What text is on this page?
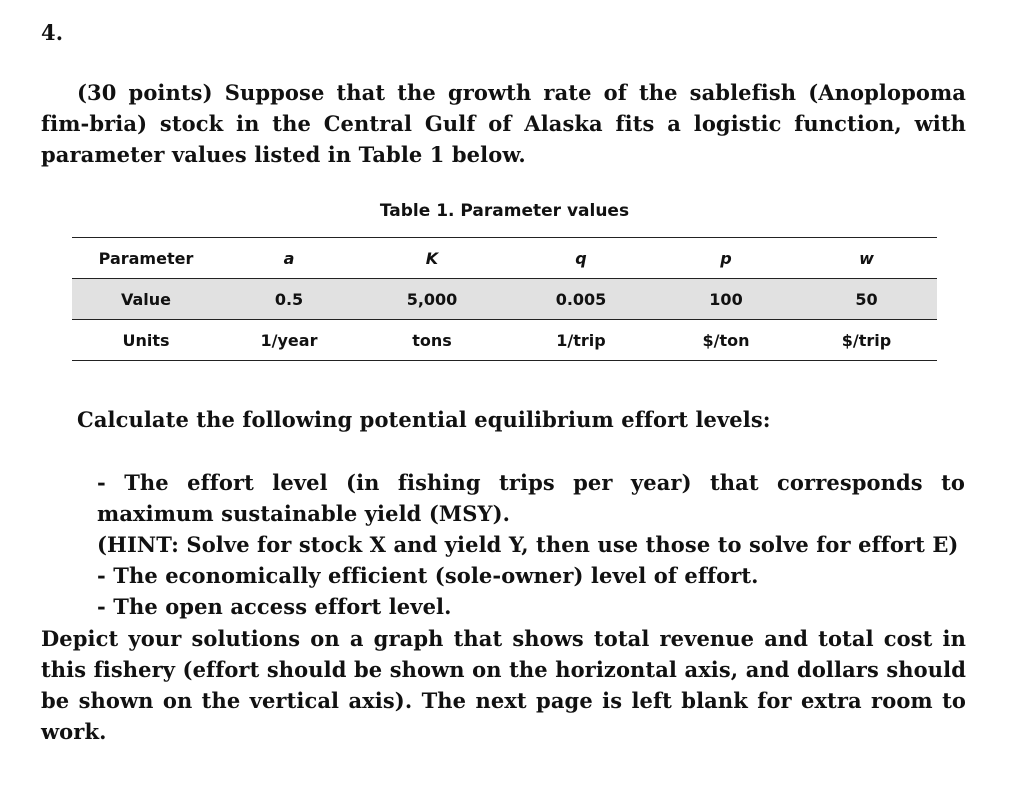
4.

(30 points) Suppose that the growth rate of the sablefish (Anoplopoma fim-bria) stock in the Central Gulf of Alaska fits a logistic function, with parameter values listed in Table 1 below.

Table 1. Parameter values

Parameter	a	K	q	p	w
Value	0.5	5,000	0.005	100	50
Units	1/year	tons	1/trip	$/ton	$/trip

Calculate the following potential equilibrium effort levels:

- The effort level (in fishing trips per year) that corresponds to maximum sustainable yield (MSY).
(HINT: Solve for stock X and yield Y, then use those to solve for effort E)
- The economically efficient (sole-owner) level of effort.
- The open access effort level.

Depict your solutions on a graph that shows total revenue and total cost in this fishery (effort should be shown on the horizontal axis, and dollars should be shown on the vertical axis). The next page is left blank for extra room to work.
